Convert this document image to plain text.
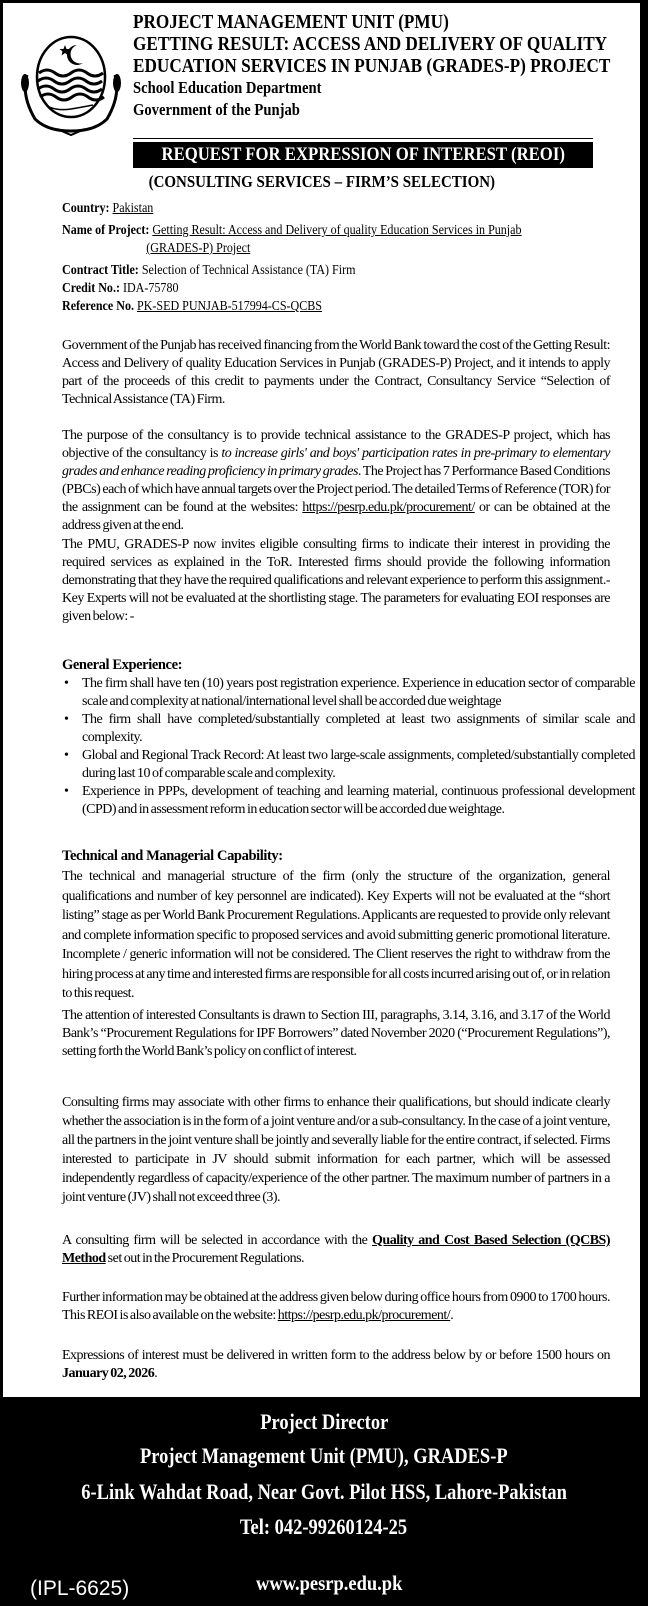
PROJECT MANAGEMENT UNIT (PMU)
GETTING RESULT: ACCESS AND DELIVERY OF QUALITY
EDUCATION SERVICES IN PUNJAB (GRADES-P) PROJECT
School Education Department
Government of the Punjab
REQUEST FOR EXPRESSION OF INTEREST (REOI)
(CONSULTING SERVICES – FIRM’S SELECTION)
Country: Pakistan
Name of Project: Getting Result: Access and Delivery of quality Education Services in Punjab
(GRADES-P) Project
Contract Title: Selection of Technical Assistance (TA) Firm
Credit No.: IDA-75780
Reference No. PK-SED PUNJAB-517994-CS-QCBS

Government of the Punjab has received financing from the World Bank toward the cost of the Getting Result: Access and Delivery of quality Education Services in Punjab (GRADES-P) Project, and it intends to apply part of the proceeds of this credit to payments under the Contract, Consultancy Service “Selection of Technical Assistance (TA) Firm.

The purpose of the consultancy is to provide technical assistance to the GRADES-P project, which has objective of the consultancy is to increase girls' and boys' participation rates in pre-primary to elementary grades and enhance reading proficiency in primary grades. The Project has 7 Performance Based Conditions (PBCs) each of which have annual targets over the Project period. The detailed Terms of Reference (TOR) for the assignment can be found at the websites: https://pesrp.edu.pk/procurement/ or can be obtained at the address given at the end.

The PMU, GRADES-P now invites eligible consulting firms to indicate their interest in providing the required services as explained in the ToR. Interested firms should provide the following information demonstrating that they have the required qualifications and relevant experience to perform this assignment.-Key Experts will not be evaluated at the shortlisting stage. The parameters for evaluating EOI responses are given below: -

General Experience:
• The firm shall have ten (10) years post registration experience. Experience in education sector of comparable scale and complexity at national/international level shall be accorded due weightage
• The firm shall have completed/substantially completed at least two assignments of similar scale and complexity.
• Global and Regional Track Record: At least two large-scale assignments, completed/substantially completed during last 10 of comparable scale and complexity.
• Experience in PPPs, development of teaching and learning material, continuous professional development (CPD) and in assessment reform in education sector will be accorded due weightage.
Technical and Managerial Capability:

The technical and managerial structure of the firm (only the structure of the organization, general qualifications and number of key personnel are indicated). Key Experts will not be evaluated at the “short listing” stage as per World Bank Procurement Regulations. Applicants are requested to provide only relevant and complete information specific to proposed services and avoid submitting generic promotional literature. Incomplete / generic information will not be considered. The Client reserves the right to withdraw from the hiring process at any time and interested firms are responsible for all costs incurred arising out of, or in relation to this request.

The attention of interested Consultants is drawn to Section III, paragraphs, 3.14, 3.16, and 3.17 of the World Bank’s “Procurement Regulations for IPF Borrowers” dated November 2020 (“Procurement Regulations”), setting forth the World Bank’s policy on conflict of interest.

Consulting firms may associate with other firms to enhance their qualifications, but should indicate clearly whether the association is in the form of a joint venture and/or a sub-consultancy. In the case of a joint venture, all the partners in the joint venture shall be jointly and severally liable for the entire contract, if selected. Firms interested to participate in JV should submit information for each partner, which will be assessed independently regardless of capacity/experience of the other partner. The maximum number of partners in a joint venture (JV) shall not exceed three (3).

A consulting firm will be selected in accordance with the Quality and Cost Based Selection (QCBS) Method set out in the Procurement Regulations.

Further information may be obtained at the address given below during office hours from 0900 to 1700 hours. This REOI is also available on the website: https://pesrp.edu.pk/procurement/.

Expressions of interest must be delivered in written form to the address below by or before 1500 hours on January 02, 2026.

Project Director
Project Management Unit (PMU), GRADES-P
6-Link Wahdat Road, Near Govt. Pilot HSS, Lahore-Pakistan
Tel: 042-99260124-25
(IPL-6625)	www.pesrp.edu.pk
